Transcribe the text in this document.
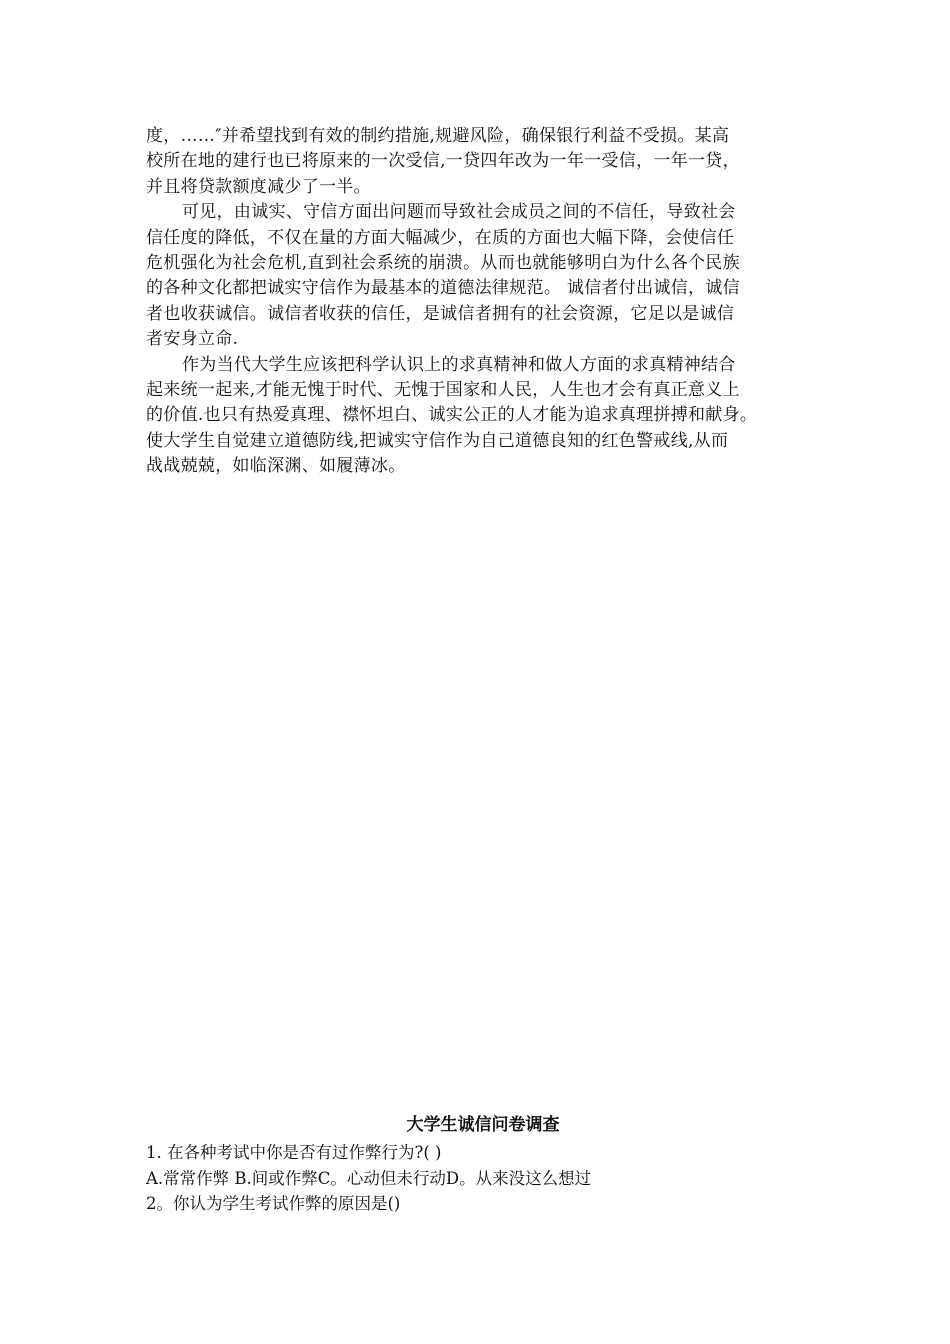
度，……″并希望找到有效的制约措施,规避风险，确保银行利益不受损。某高
校所在地的建行也已将原来的一次受信,一贷四年改为一年一受信，一年一贷，
并且将贷款额度减少了一半。
可见，由诚实、守信方面出问题而导致社会成员之间的不信任，导致社会
信任度的降低，不仅在量的方面大幅减少，在质的方面也大幅下降，会使信任
危机强化为社会危机,直到社会系统的崩溃。从而也就能够明白为什么各个民族
的各种文化都把诚实守信作为最基本的道德法律规范。 诚信者付出诚信，诚信
者也收获诚信。诚信者收获的信任，是诚信者拥有的社会资源，它足以是诚信
者安身立命.
作为当代大学生应该把科学认识上的求真精神和做人方面的求真精神结合
起来统一起来,才能无愧于时代、无愧于国家和人民，人生也才会有真正意义上
的价值.也只有热爱真理、襟怀坦白、诚实公正的人才能为追求真理拼搏和献身。
使大学生自觉建立道德防线,把诚实守信作为自己道德良知的红色警戒线,从而
战战兢兢，如临深渊、如履薄冰。
大学生诚信问卷调查
1. 在各种考试中你是否有过作弊行为?( )
A.常常作弊 B.间或作弊C。心动但未行动D。从来没这么想过
2。你认为学生考试作弊的原因是()
